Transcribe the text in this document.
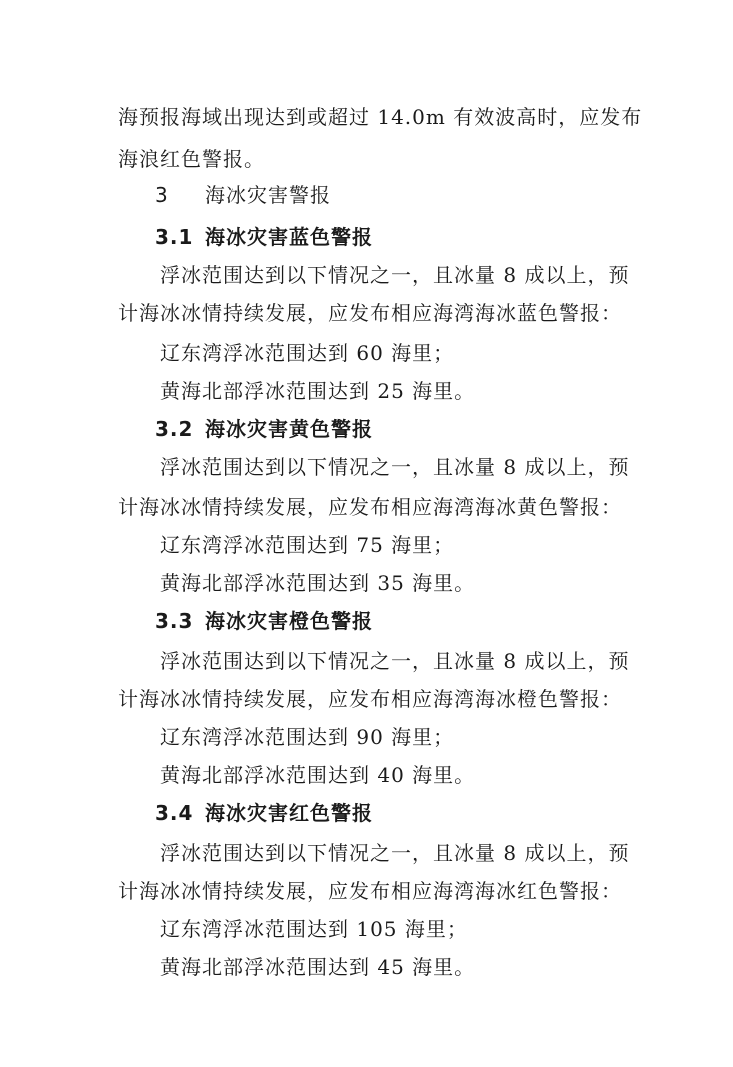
海预报海域出现达到或超过 14.0m 有效波高时，应发布
海浪红色警报。
3 海冰灾害警报
3.1 海冰灾害蓝色警报
浮冰范围达到以下情况之一，且冰量 8 成以上，预
计海冰冰情持续发展，应发布相应海湾海冰蓝色警报：
辽东湾浮冰范围达到 60 海里；
黄海北部浮冰范围达到 25 海里。
3.2 海冰灾害黄色警报
浮冰范围达到以下情况之一，且冰量 8 成以上，预
计海冰冰情持续发展，应发布相应海湾海冰黄色警报：
辽东湾浮冰范围达到 75 海里；
黄海北部浮冰范围达到 35 海里。
3.3 海冰灾害橙色警报
浮冰范围达到以下情况之一，且冰量 8 成以上，预
计海冰冰情持续发展，应发布相应海湾海冰橙色警报：
辽东湾浮冰范围达到 90 海里；
黄海北部浮冰范围达到 40 海里。
3.4 海冰灾害红色警报
浮冰范围达到以下情况之一，且冰量 8 成以上，预
计海冰冰情持续发展，应发布相应海湾海冰红色警报：
辽东湾浮冰范围达到 105 海里；
黄海北部浮冰范围达到 45 海里。
